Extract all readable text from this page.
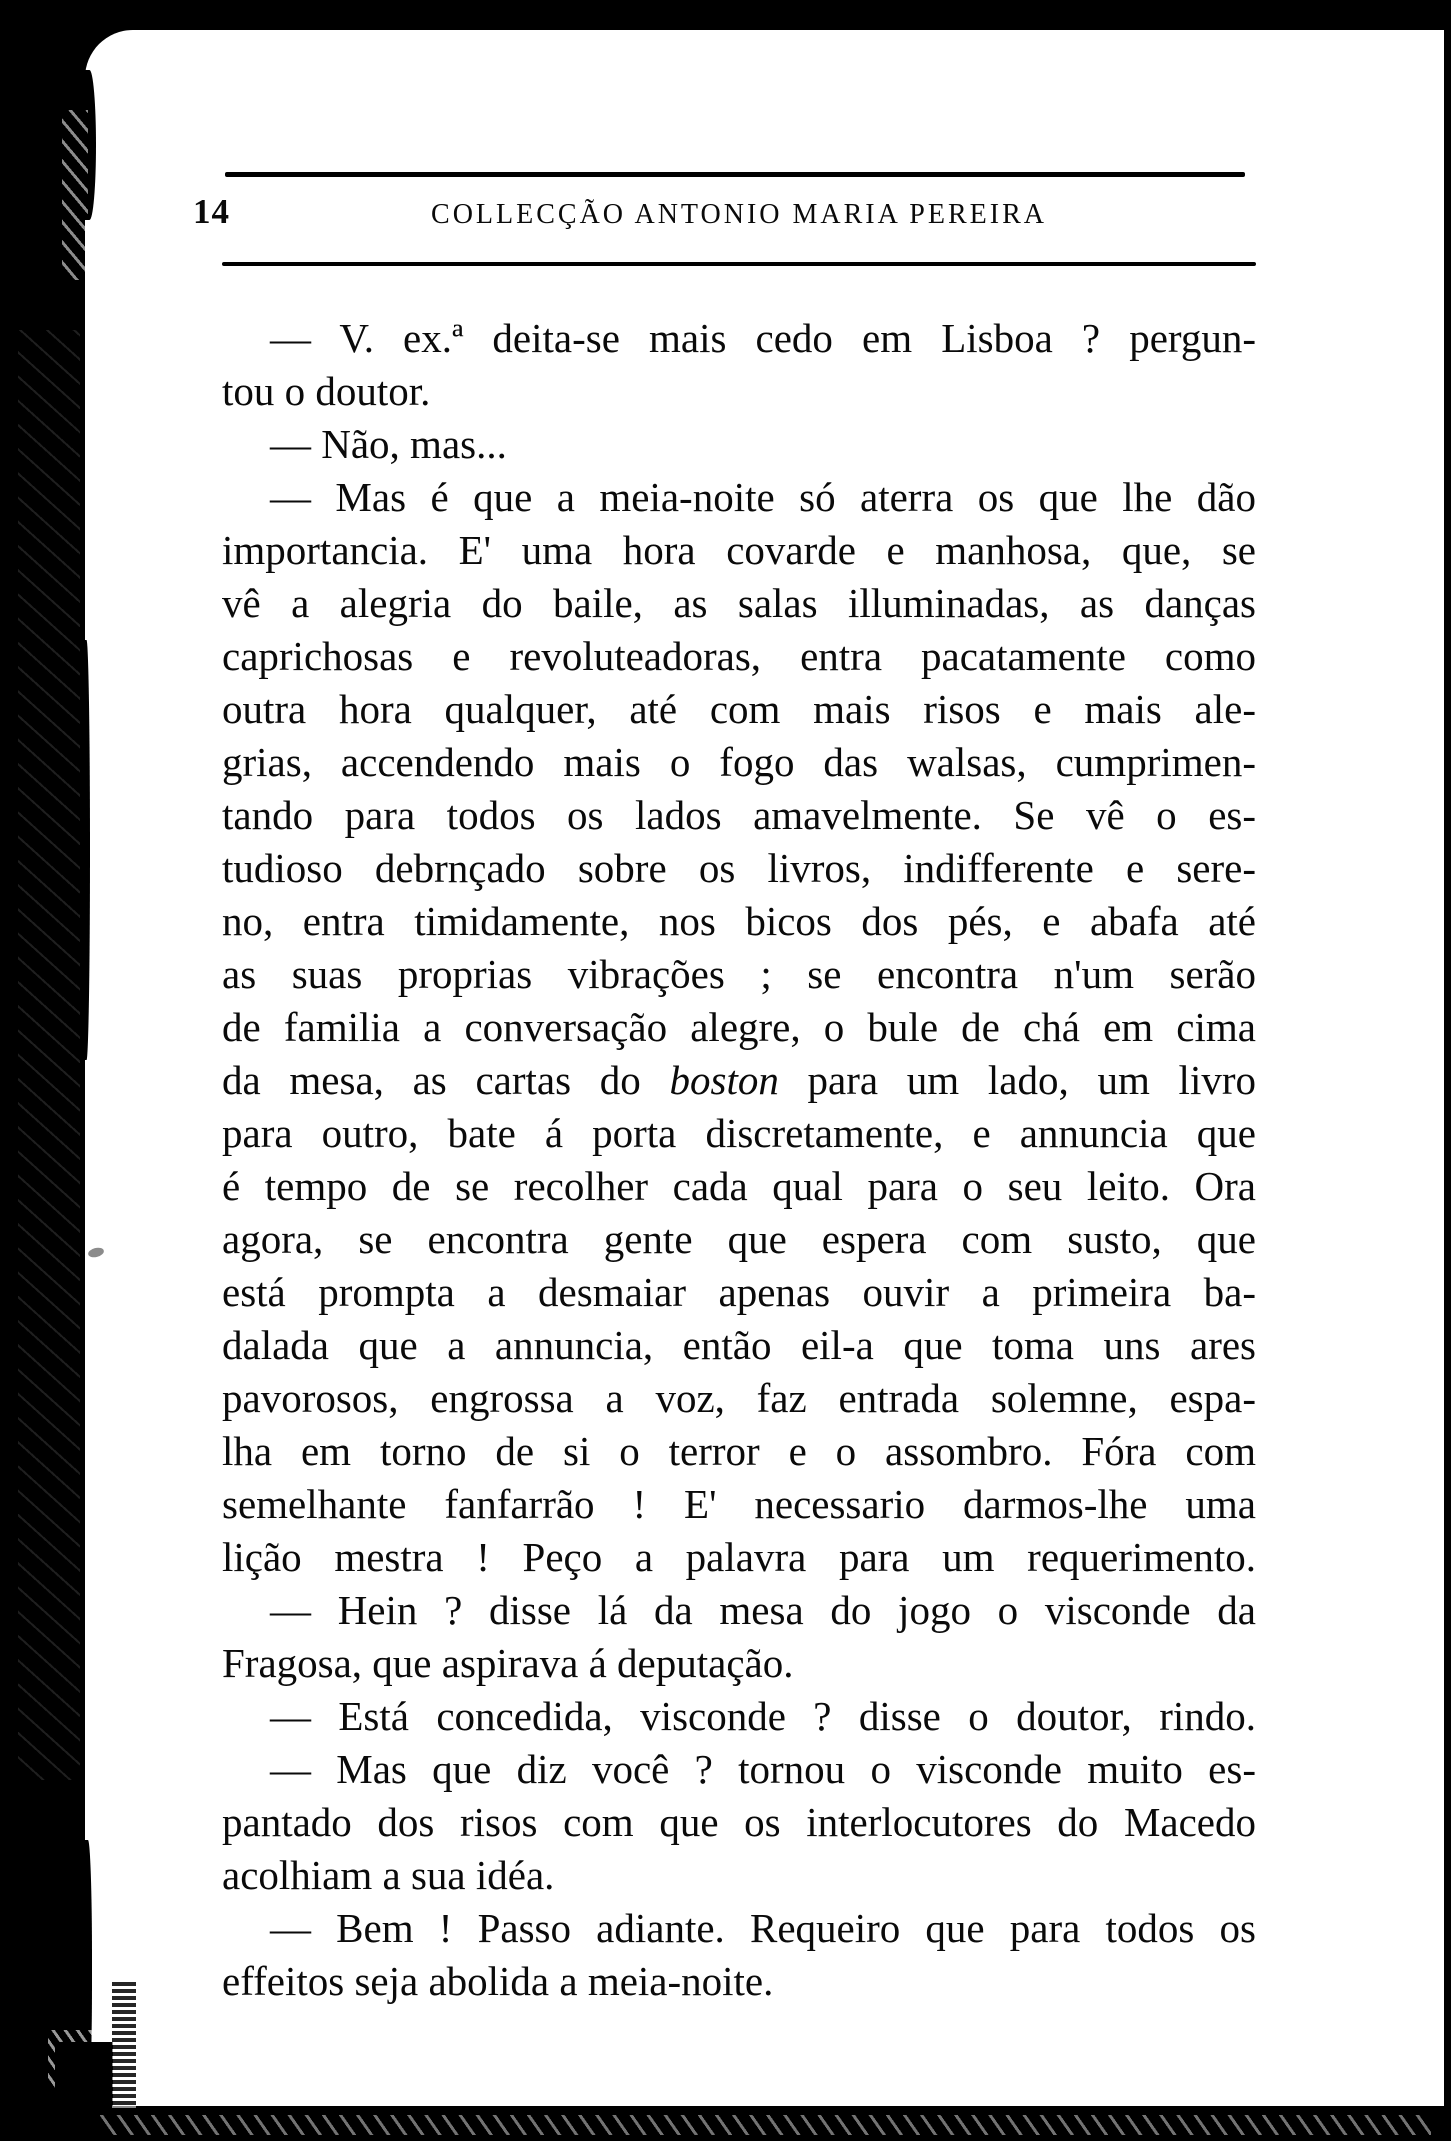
14	COLLECÇÃO ANTONIO MARIA PEREIRA
— V. ex.ª deita-se mais cedo em Lisboa ? pergun-
tou o doutor.
— Não, mas...
— Mas é que a meia-noite só aterra os que lhe dão
importancia. E' uma hora covarde e manhosa, que, se
vê a alegria do baile, as salas illuminadas, as danças
caprichosas e revoluteadoras, entra pacatamente como
outra hora qualquer, até com mais risos e mais ale-
grias, accendendo mais o fogo das walsas, cumprimen-
tando para todos os lados amavelmente. Se vê o es-
tudioso debrnçado sobre os livros, indifferente e sere-
no, entra timidamente, nos bicos dos pés, e abafa até
as suas proprias vibrações ; se encontra n'um serão
de familia a conversação alegre, o bule de chá em cima
da mesa, as cartas do boston para um lado, um livro
para outro, bate á porta discretamente, e annuncia que
é tempo de se recolher cada qual para o seu leito. Ora
agora, se encontra gente que espera com susto, que
está prompta a desmaiar apenas ouvir a primeira ba-
dalada que a annuncia, então eil-a que toma uns ares
pavorosos, engrossa a voz, faz entrada solemne, espa-
lha em torno de si o terror e o assombro. Fóra com
semelhante fanfarrão ! E' necessario darmos-lhe uma
lição mestra ! Peço a palavra para um requerimento.
— Hein ? disse lá da mesa do jogo o visconde da
Fragosa, que aspirava á deputação.
— Está concedida, visconde ? disse o doutor, rindo.
— Mas que diz você ? tornou o visconde muito es-
pantado dos risos com que os interlocutores do Macedo
acolhiam a sua idéa.
— Bem ! Passo adiante. Requeiro que para todos os
effeitos seja abolida a meia-noite.
